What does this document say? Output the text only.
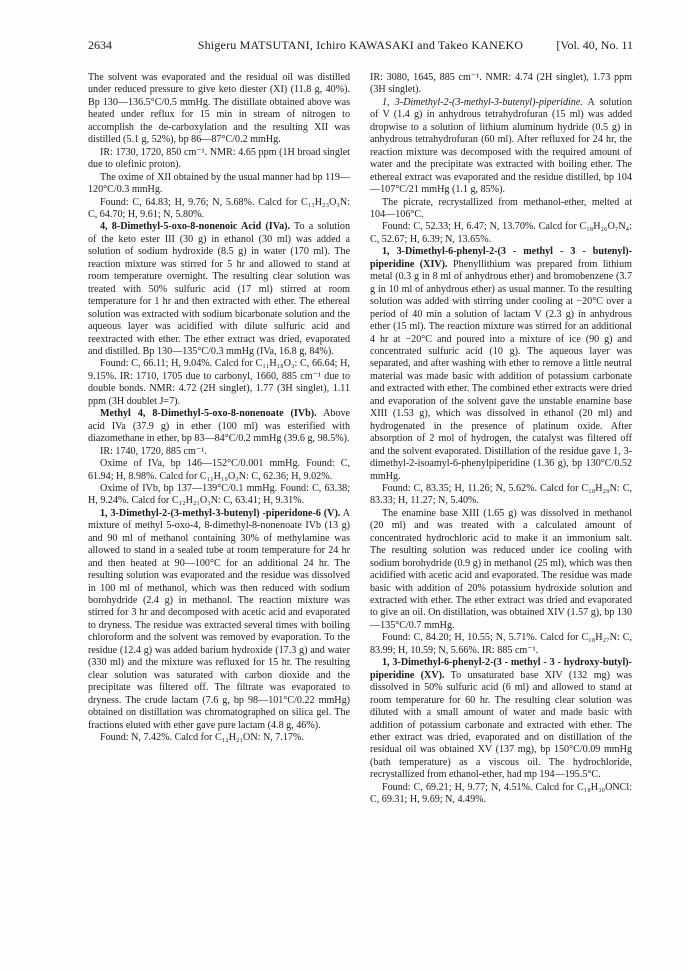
2634	Shigeru MATSUTANI, Ichiro KAWASAKI and Takeo KANEKO	[Vol. 40, No. 11

The solvent was evaporated and the residual oil was distilled under reduced pressure to give keto diester (XI) (11.8 g, 40%). Bp 130—136.5°C/0.5 mmHg. The distillate obtained above was heated under reflux for 15 min in stream of nitrogen to accomplish the de-carboxylation and the resulting XII was distilled (5.1 g, 52%), bp 86—87°C/0.2 mmHg.

IR: 1730, 1720, 850 cm⁻¹. NMR: 4.65 ppm (1H broad singlet due to olefinic proton).

The oxime of XII obtained by the usual manner had bp 119—120°C/0.3 mmHg.

Found: C, 64.83; H, 9.76; N, 5.68%. Calcd for C₁₃H₂₃O₃N: C, 64.70; H, 9.61; N, 5.80%.

4, 8-Dimethyl-5-oxo-8-nonenoic Acid (IVa). To a solution of the keto ester III (30 g) in ethanol (30 ml) was added a solution of sodium hydroxide (8.5 g) in water (170 ml). The reaction mixture was stirred for 5 hr and allowed to stand at room temperature overnight. The resulting clear solution was treated with 50% sulfuric acid (17 ml) stirred at room temperature for 1 hr and then extracted with ether. The ethereal solution was extracted with sodium bicarbonate solution and the aqueous layer was acidified with dilute sulfuric acid and reextracted with ether. The ether extract was dried, evaporated and distilled. Bp 130—135°C/0.3 mmHg (IVa, 16.8 g, 84%).

Found: C, 66.11; H, 9.04%. Calcd for C₁₁H₁₈O₃: C, 66.64; H, 9.15%. IR: 1710, 1705 due to carbonyl, 1660, 885 cm⁻¹ due to double bonds. NMR: 4.72 (2H singlet), 1.77 (3H singlet), 1.11 ppm (3H doublet J=7).

Methyl 4, 8-Dimethyl-5-oxo-8-nonenoate (IVb). Above acid IVa (37.9 g) in ether (100 ml) was esterified with diazomethane in ether, bp 83—84°C/0.2 mmHg (39.6 g, 98.5%).

IR: 1740, 1720, 885 cm⁻¹.

Oxime of IVa, bp 146—152°C/0.001 mmHg. Found: C, 61.94; H, 8.98%. Calcd for C₁₁H₁₉O₃N: C, 62.36; H, 9.02%.

Oxime of IVb, bp 137—139°C/0.1 mmHg. Found: C, 63.38; H, 9.24%. Calcd for C₁₂H₂₁O₃N: C, 63.41; H, 9.31%.

1, 3-Dimethyl-2-(3-methyl-3-butenyl) -piperidone-6 (V). A mixture of methyl 5-oxo-4, 8-dimethyl-8-nonenoate IVb (13 g) and 90 ml of methanol containing 30% of methylamine was allowed to stand in a sealed tube at room temperature for 24 hr and then heated at 90—100°C for an additional 24 hr. The resulting solution was evaporated and the residue was dissolved in 100 ml of methanol, which was then reduced with sodium borohydride (2.4 g) in methanol. The reaction mixture was stirred for 3 hr and decomposed with acetic acid and evaporated to dryness. The residue was extracted several times with boiling chloroform and the solvent was removed by evaporation. To the residue (12.4 g) was added barium hydroxide (17.3 g) and water (330 ml) and the mixture was refluxed for 15 hr. The resulting clear solution was saturated with carbon dioxide and the precipitate was filtered off. The filtrate was evaporated to dryness. The crude lactam (7.6 g, bp 98—101°C/0.22 mmHg) obtained on distillation was chromatographed on silica gel. The fractions eluted with ether gave pure lactam (4.8 g, 46%).

Found: N, 7.42%. Calcd for C₁₂H₂₁ON: N, 7.17%.

IR: 3080, 1645, 885 cm⁻¹. NMR: 4.74 (2H singlet), 1.73 ppm (3H singlet).

1, 3-Dimethyl-2-(3-methyl-3-butenyl)-piperidine. A solution of V (1.4 g) in anhydrous tetrahydrofuran (15 ml) was added dropwise to a solution of lithium aluminum hydride (0.5 g) in anhydrous tetrahydrofuran (60 ml). After refluxed for 24 hr, the reaction mixture was decomposed with the required amount of water and the precipitate was extracted with boiling ether. The ethereal extract was evaporated and the residue distilled, bp 104—107°C/21 mmHg (1.1 g, 85%).

The picrate, recrystallized from methanol-ether, melted at 104—106°C.

Found: C, 52.33; H, 6.47; N, 13.70%. Calcd for C₁₈H₂₆O₇N₄: C, 52.67; H, 6.39; N, 13.65%.

1, 3-Dimethyl-6-phenyl-2-(3 - methyl - 3 - butenyl)-piperidine (XIV). Phenyllithium was prepared from lithium metal (0.3 g in 8 ml of anhydrous ether) and bromobenzene (3.7 g in 10 ml of anhydrous ether) as usual manner. To the resulting solution was added with stirring under cooling at −20°C over a period of 40 min a solution of lactam V (2.3 g) in anhydrous ether (15 ml). The reaction mixture was stirred for an additional 4 hr at −20°C and poured into a mixture of ice (90 g) and concentrated sulfuric acid (10 g). The aqueous layer was separated, and after washing with ether to remove a little neutral material was made basic with addition of potassium carbonate and extracted with ether. The combined ether extracts were dried and evaporation of the solvent gave the unstable enamine base XIII (1.53 g), which was dissolved in ethanol (20 ml) and hydrogenated in the presence of platinum oxide. After absorption of 2 mol of hydrogen, the catalyst was filtered off and the solvent evaporated. Distillation of the residue gave 1, 3-dimethyl-2-isoamyl-6-phenylpiperidine (1.36 g), bp 130°C/0.52 mmHg.

Found: C, 83.35; H, 11.26; N, 5.62%. Calcd for C₁₈H₂₉N: C, 83.33; H, 11.27; N, 5.40%.

The enamine base XIII (1.65 g) was dissolved in methanol (20 ml) and was treated with a calculated amount of concentrated hydrochloric acid to make it an immonium salt. The resulting solution was reduced under ice cooling with sodium borohydride (0.9 g) in methanol (25 ml), which was then acidified with acetic acid and evaporated. The residue was made basic with addition of 20% potassium hydroxide solution and extracted with ether. The ether extract was dried and evaporated to give an oil. On distillation, was obtained XIV (1.57 g), bp 130—135°C/0.7 mmHg.

Found: C, 84.20; H, 10.55; N, 5.71%. Calcd for C₁₈H₂₇N: C, 83.99; H, 10.59; N, 5.66%. IR: 885 cm⁻¹.

1, 3-Dimethyl-6-phenyl-2-(3 - methyl - 3 - hydroxy-butyl)-piperidine (XV). To unsaturated base XIV (132 mg) was dissolved in 50% sulfuric acid (6 ml) and allowed to stand at room temperature for 60 hr. The resulting clear solution was diluted with a small amount of water and made basic with addition of potassium carbonate and extracted with ether. The ether extract was dried, evaporated and on distillation of the residual oil was obtained XV (137 mg), bp 150°C/0.09 mmHg (bath temperature) as a viscous oil. The hydrochloride, recrystallized from ethanol-ether, had mp 194—195.5°C.

Found: C, 69.21; H, 9.77; N, 4.51%. Calcd for C₁₈H₃₀ONCl: C, 69.31; H, 9.69; N, 4.49%.
